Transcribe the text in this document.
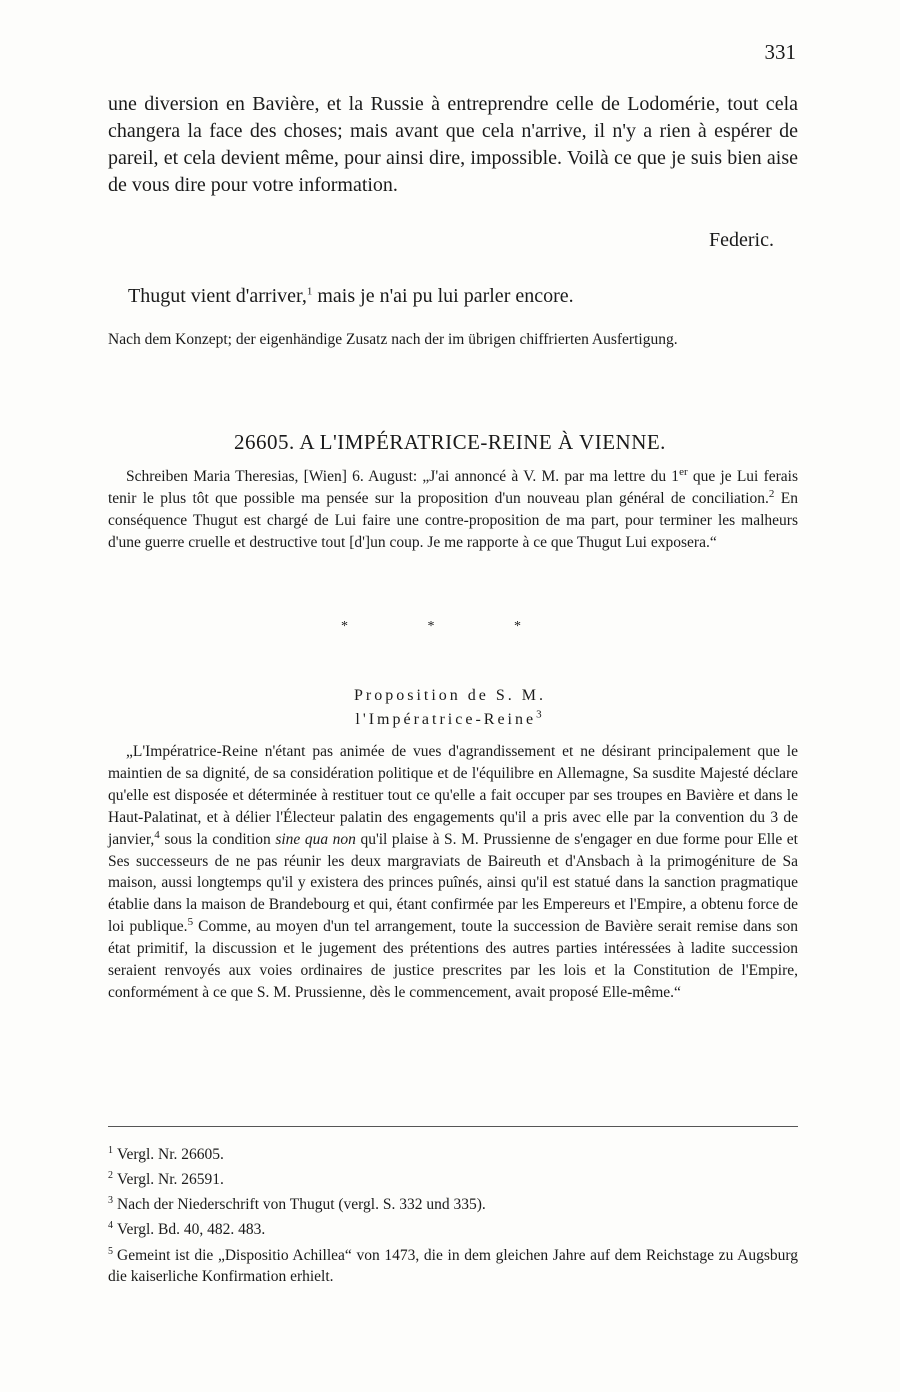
331
une diversion en Bavière, et la Russie à entreprendre celle de Lodomérie, tout cela changera la face des choses; mais avant que cela n'arrive, il n'y a rien à espérer de pareil, et cela devient même, pour ainsi dire, impossible. Voilà ce que je suis bien aise de vous dire pour votre information.
Federic.
Thugut vient d'arriver,$^1$ mais je n'ai pu lui parler encore.
Nach dem Konzept; der eigenhändige Zusatz nach der im übrigen chiffrierten Ausfertigung.
26605. A L'IMPÉRATRICE-REINE À VIENNE.
Schreiben Maria Theresias, [Wien] 6. August: „J'ai annoncé à V. M. par ma lettre du 1er que je Lui ferais tenir le plus tôt que possible ma pensée sur la proposition d'un nouveau plan général de conciliation.$^2$ En conséquence Thugut est chargé de Lui faire une contre-proposition de ma part, pour terminer les malheurs d'une guerre cruelle et destructive tout [d']un coup. Je me rapporte à ce que Thugut Lui exposera.“
* * *
Proposition de S. M.
l'Impératrice-Reine$^3$
„L'Impératrice-Reine n'étant pas animée de vues d'agrandissement et ne désirant principalement que le maintien de sa dignité, de sa considération politique et de l'équilibre en Allemagne, Sa susdite Majesté déclare qu'elle est disposée et déterminée à restituer tout ce qu'elle a fait occuper par ses troupes en Bavière et dans le Haut-Palatinat, et à délier l'Électeur palatin des engagements qu'il a pris avec elle par la convention du 3 de janvier,$^4$ sous la condition sine qua non qu'il plaise à S. M. Prussienne de s'engager en due forme pour Elle et Ses successeurs de ne pas réunir les deux margraviats de Baireuth et d'Ansbach à la primogéniture de Sa maison, aussi longtemps qu'il y existera des princes puînés, ainsi qu'il est statué dans la sanction pragmatique établie dans la maison de Brandebourg et qui, étant confirmée par les Empereurs et l'Empire, a obtenu force de loi publique.$^5$ Comme, au moyen d'un tel arrangement, toute la succession de Bavière serait remise dans son état primitif, la discussion et le jugement des prétentions des autres parties intéressées à ladite succession seraient renvoyés aux voies ordinaires de justice prescrites par les lois et la Constitution de l'Empire, conformément à ce que S. M. Prussienne, dès le commencement, avait proposé Elle-même.“
$^1$ Vergl. Nr. 26605.
$^2$ Vergl. Nr. 26591.
$^3$ Nach der Niederschrift von Thugut (vergl. S. 332 und 335).
$^4$ Vergl. Bd. 40, 482. 483.
$^5$ Gemeint ist die „Dispositio Achillea“ von 1473, die in dem gleichen Jahre auf dem Reichstage zu Augsburg die kaiserliche Konfirmation erhielt.
